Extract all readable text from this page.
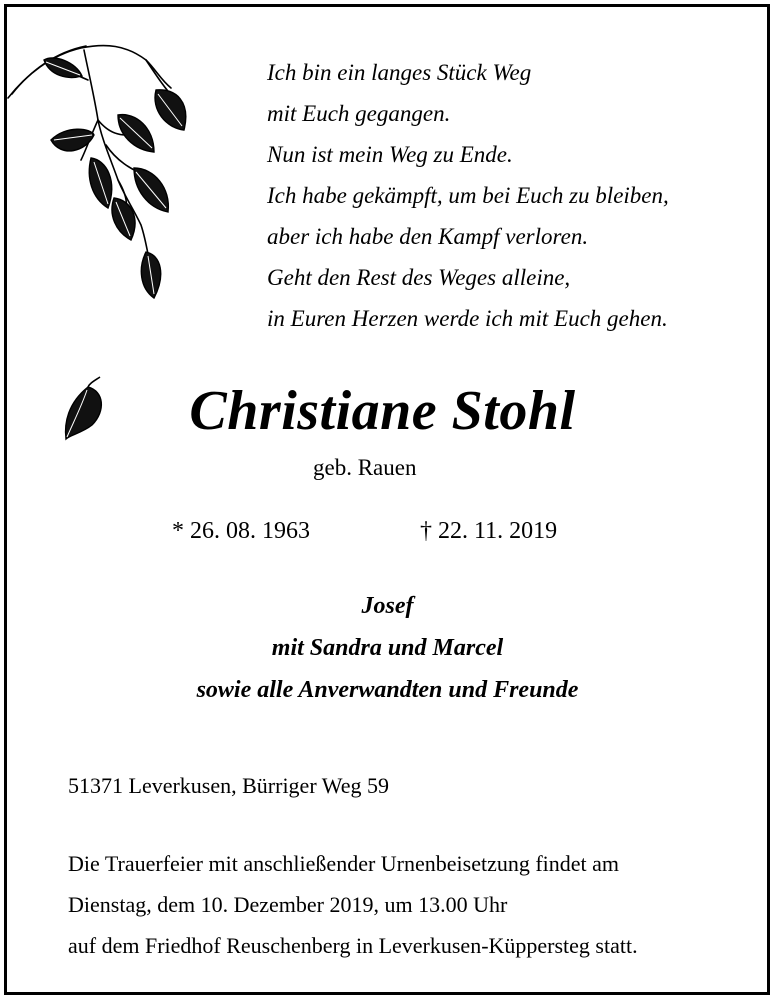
Ich bin ein langes Stück Weg
mit Euch gegangen.
Nun ist mein Weg zu Ende.
Ich habe gekämpft, um bei Euch zu bleiben,
aber ich habe den Kampf verloren.
Geht den Rest des Weges alleine,
in Euren Herzen werde ich mit Euch gehen.
Christiane Stohl
geb. Rauen
* 26. 08. 1963	† 22. 11. 2019
Josef
mit Sandra und Marcel
sowie alle Anverwandten und Freunde
51371 Leverkusen, Bürriger Weg 59
Die Trauerfeier mit anschließender Urnenbeisetzung findet am
Dienstag, dem 10. Dezember 2019, um 13.00 Uhr
auf dem Friedhof Reuschenberg in Leverkusen-Küppersteg statt.
